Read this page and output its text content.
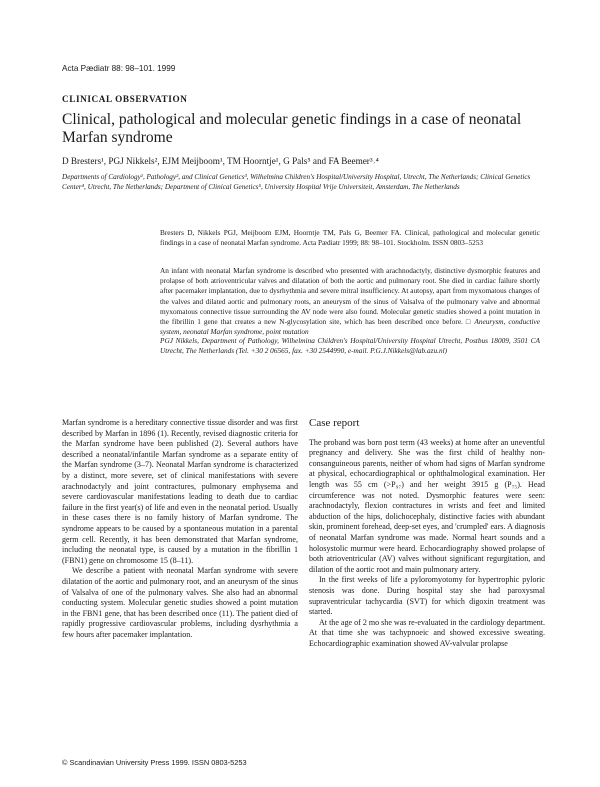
Acta Pædiatr 88: 98–101. 1999
CLINICAL OBSERVATION
Clinical, pathological and molecular genetic findings in a case of neonatal Marfan syndrome
D Bresters¹, PGJ Nikkels², EJM Meijboom¹, TM Hoorntje¹, G Pals⁵ and FA Beemer³˒⁴
Departments of Cardiology¹, Pathology², and Clinical Genetics³, Wilhelmina Children's Hospital/University Hospital, Utrecht, The Netherlands; Clinical Genetics Center⁴, Utrecht, The Netherlands; Department of Clinical Genetics⁵, University Hospital Vrije Universiteit, Amsterdam, The Netherlands
Bresters D, Nikkels PGJ, Meijboom EJM, Hoorntje TM, Pals G, Beemer FA. Clinical, pathological and molecular genetic findings in a case of neonatal Marfan syndrome. Acta Pædiatr 1999; 88: 98–101. Stockholm. ISSN 0803–5253
An infant with neonatal Marfan syndrome is described who presented with arachnodactyly, distinctive dysmorphic features and prolapse of both atrioventricular valves and dilatation of both the aortic and pulmonary root. She died in cardiac failure shortly after pacemaker implantation, due to dysrhythmia and severe mitral insufficiency. At autopsy, apart from myxomatous changes of the valves and dilated aortic and pulmonary roots, an aneurysm of the sinus of Valsalva of the pulmonary valve and abnormal myxomatous connective tissue surrounding the AV node were also found. Molecular genetic studies showed a point mutation in the fibrillin 1 gene that creates a new N-glycosylation site, which has been described once before. □ Aneurysm, conductive system, neonatal Marfan syndrome, point mutation
PGJ Nikkels, Department of Pathology, Wilhelmina Children's Hospital/University Hospital Utrecht, Postbus 18009, 3501 CA Utrecht, The Netherlands (Tel. +30 2 06565, fax. +30 2544990, e-mail. P.G.J.Nikkels@lab.azu.nl)

Marfan syndrome is a hereditary connective tissue disorder and was first described by Marfan in 1896 (1). Recently, revised diagnostic criteria for the Marfan syndrome have been published (2). Several authors have described a neonatal/infantile Marfan syndrome as a separate entity of the Marfan syndrome (3–7). Neonatal Marfan syndrome is characterized by a distinct, more severe, set of clinical manifestations with severe arachnodactyly and joint contractures, pulmonary emphysema and severe cardiovascular manifestations leading to death due to cardiac failure in the first year(s) of life and even in the neonatal period. Usually in these cases there is no family history of Marfan syndrome. The syndrome appears to be caused by a spontaneous mutation in a parental germ cell. Recently, it has been demonstrated that Marfan syndrome, including the neonatal type, is caused by a mutation in the fibrillin 1 (FBN1) gene on chromosome 15 (8–11).

We describe a patient with neonatal Marfan syndrome with severe dilatation of the aortic and pulmonary root, and an aneurysm of the sinus of Valsalva of one of the pulmonary valves. She also had an abnormal conducting system. Molecular genetic studies showed a point mutation in the FBN1 gene, that has been described once (11). The patient died of rapidly progressive cardiovascular problems, including dysrhythmia a few hours after pacemaker implantation.

Case report

The proband was born post term (43 weeks) at home after an uneventful pregnancy and delivery. She was the first child of healthy non-consanguineous parents, neither of whom had signs of Marfan syndrome at physical, echocardiographical or ophthalmological examination. Her length was 55 cm (>P₉₇) and her weight 3915 g (P₇₅). Head circumference was not noted. Dysmorphic features were seen: arachnodactyly, flexion contractures in wrists and feet and limited abduction of the hips, dolichocephaly, distinctive facies with abundant skin, prominent forehead, deep-set eyes, and 'crumpled' ears. A diagnosis of neonatal Marfan syndrome was made. Normal heart sounds and a holosystolic murmur were heard. Echocardiography showed prolapse of both atrioventricular (AV) valves without significant regurgitation, and dilation of the aortic root and main pulmonary artery.

In the first weeks of life a pyloromyotomy for hypertrophic pyloric stenosis was done. During hospital stay she had paroxysmal supraventricular tachycardia (SVT) for which digoxin treatment was started.

At the age of 2 mo she was re-evaluated in the cardiology department. At that time she was tachypnoeic and showed excessive sweating. Echocardiographic examination showed AV-valvular prolapse

© Scandinavian University Press 1999. ISSN 0803-5253
